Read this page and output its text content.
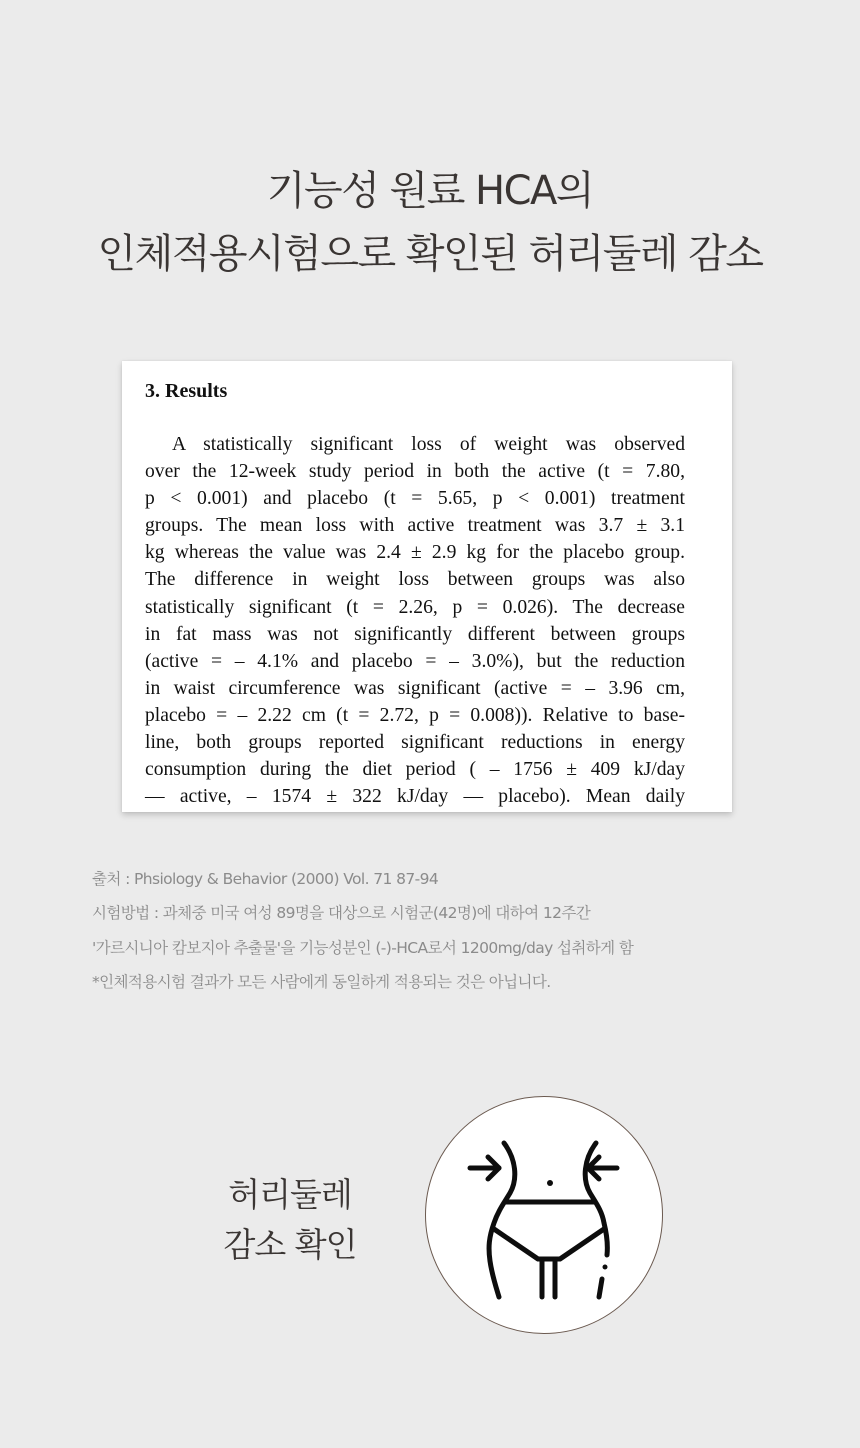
기능성 원료 HCA의
인체적용시험으로 확인된 허리둘레 감소
3. Results
A statistically significant loss of weight was observed
over the 12-week study period in both the active (t = 7.80,
p < 0.001) and placebo (t = 5.65, p < 0.001) treatment
groups. The mean loss with active treatment was 3.7 ± 3.1
kg whereas the value was 2.4 ± 2.9 kg for the placebo group.
The difference in weight loss between groups was also
statistically significant (t = 2.26, p = 0.026). The decrease
in fat mass was not significantly different between groups
(active = – 4.1% and placebo = – 3.0%), but the reduction
in waist circumference was significant (active = – 3.96 cm,
placebo = – 2.22 cm (t = 2.72, p = 0.008)). Relative to base-
line, both groups reported significant reductions in energy
consumption during the diet period ( – 1756 ± 409 kJ/day
— active, – 1574 ± 322 kJ/day — placebo). Mean daily
출처 : Phsiology & Behavior (2000) Vol. 71 87-94
시험방법 : 과체중 미국 여성 89명을 대상으로 시험군(42명)에 대하여 12주간
'가르시니아 캄보지아 추출물'을 기능성분인 (-)-HCA로서 1200mg/day 섭취하게 함
*인체적용시험 결과가 모든 사람에게 동일하게 적용되는 것은 아닙니다.
허리둘레
감소 확인
